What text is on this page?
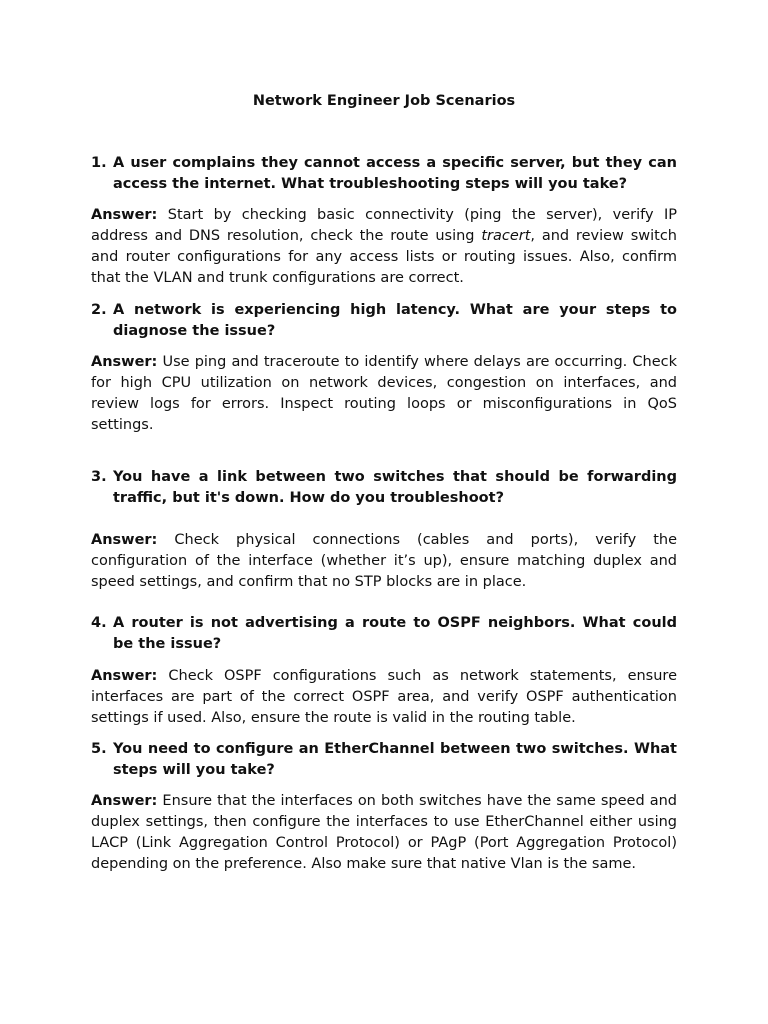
Network Engineer Job Scenarios
1. A user complains they cannot access a specific server, but they can access the internet. What troubleshooting steps will you take?
Answer: Start by checking basic connectivity (ping the server), verify IP address and DNS resolution, check the route using tracert, and review switch and router configurations for any access lists or routing issues. Also, confirm that the VLAN and trunk configurations are correct.
2. A network is experiencing high latency. What are your steps to diagnose the issue?
Answer: Use ping and traceroute to identify where delays are occurring. Check for high CPU utilization on network devices, congestion on interfaces, and review logs for errors. Inspect routing loops or misconfigurations in QoS settings.
3. You have a link between two switches that should be forwarding traffic, but it's down. How do you troubleshoot?
Answer: Check physical connections (cables and ports), verify the configuration of the interface (whether it’s up), ensure matching duplex and speed settings, and confirm that no STP blocks are in place.
4. A router is not advertising a route to OSPF neighbors. What could be the issue?
Answer: Check OSPF configurations such as network statements, ensure interfaces are part of the correct OSPF area, and verify OSPF authentication settings if used. Also, ensure the route is valid in the routing table.
5. You need to configure an EtherChannel between two switches. What steps will you take?
Answer: Ensure that the interfaces on both switches have the same speed and duplex settings, then configure the interfaces to use EtherChannel either using LACP (Link Aggregation Control Protocol) or PAgP (Port Aggregation Protocol) depending on the preference. Also make sure that native Vlan is the same.
